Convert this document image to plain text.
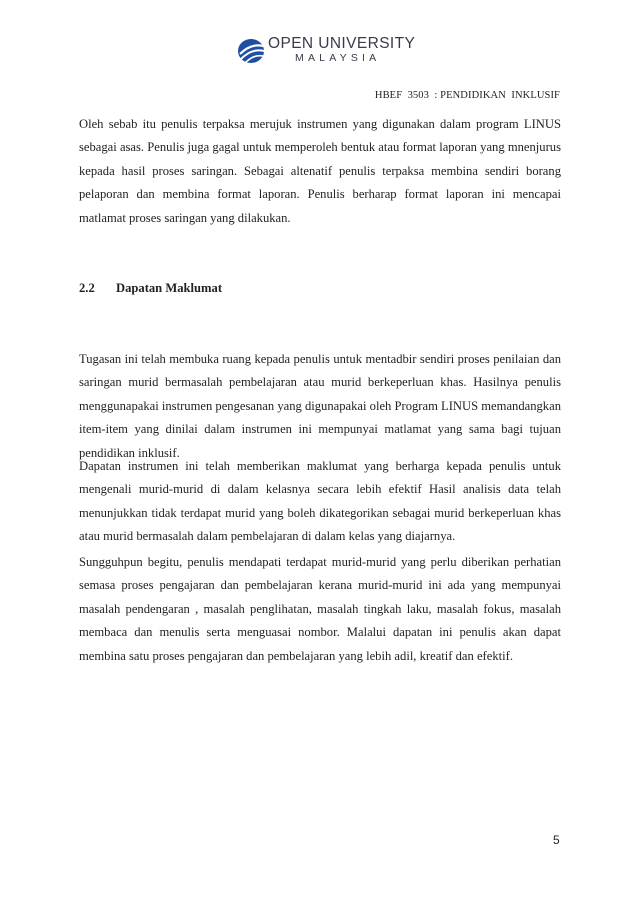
OPEN UNIVERSITY
MALAYSIA
HBEF  3503  : PENDIDIKAN  INKLUSIF

Oleh sebab itu penulis terpaksa merujuk instrumen yang digunakan dalam program LINUS sebagai asas. Penulis juga gagal untuk memperoleh bentuk atau format laporan yang mnenjurus kepada hasil proses saringan. Sebagai altenatif penulis terpaksa membina sendiri borang pelaporan dan membina format laporan. Penulis berharap format laporan ini mencapai matlamat proses saringan yang dilakukan.

2.2 Dapatan Maklumat

Tugasan ini telah membuka ruang kepada penulis untuk mentadbir sendiri proses penilaian dan saringan murid bermasalah pembelajaran atau murid berkeperluan khas. Hasilnya penulis menggunapakai instrumen pengesanan yang digunapakai oleh Program LINUS memandangkan item-item yang dinilai dalam instrumen ini mempunyai matlamat yang sama bagi tujuan pendidikan inklusif.

Dapatan instrumen ini telah memberikan maklumat yang berharga kepada penulis untuk mengenali murid-murid di dalam kelasnya secara lebih efektif Hasil analisis data telah menunjukkan tidak terdapat murid yang boleh dikategorikan sebagai murid berkeperluan khas atau murid bermasalah dalam pembelajaran di dalam kelas yang diajarnya.

Sungguhpun begitu, penulis mendapati terdapat murid-murid yang perlu diberikan perhatian semasa proses pengajaran dan pembelajaran kerana murid-murid ini ada yang mempunyai masalah pendengaran , masalah penglihatan, masalah tingkah laku, masalah fokus, masalah membaca dan menulis serta menguasai nombor. Malalui dapatan ini penulis akan dapat membina satu proses pengajaran dan pembelajaran yang lebih adil, kreatif dan efektif.

5
